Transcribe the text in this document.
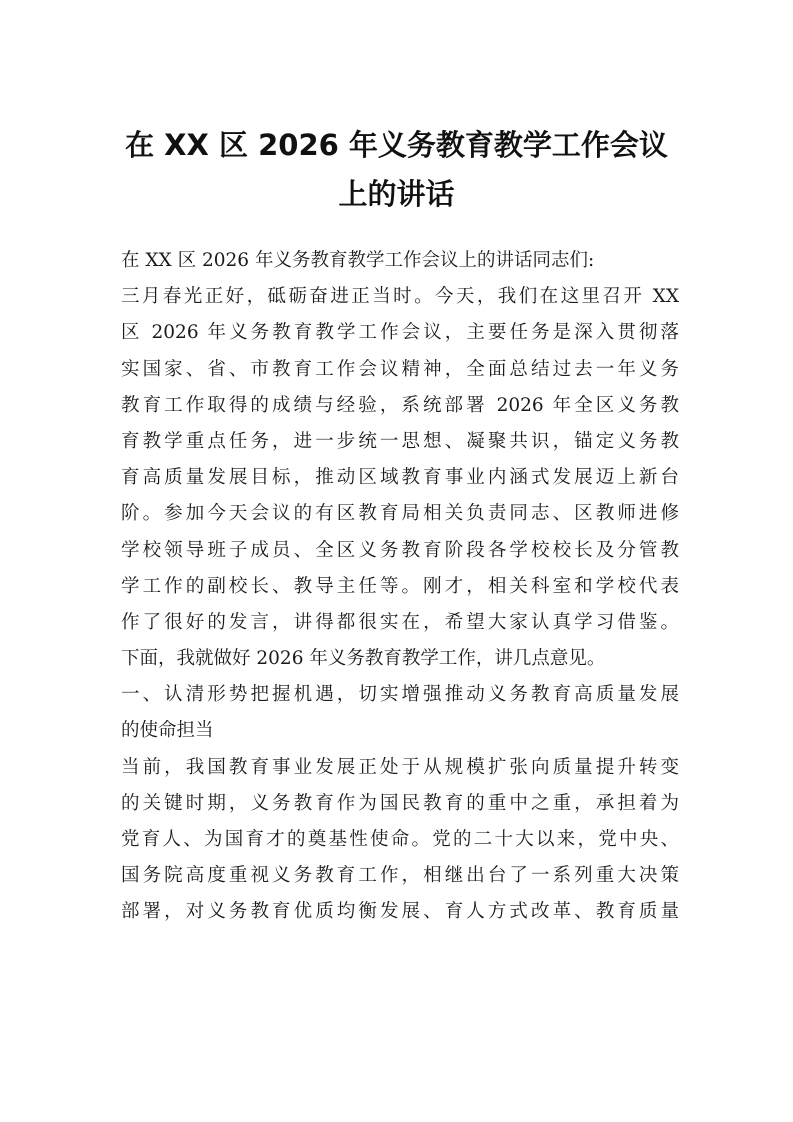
在 XX 区 2026 年义务教育教学工作会议
上的讲话
在 XX 区 2026 年义务教育教学工作会议上的讲话同志们:
三月春光正好，砥砺奋进正当时。今天，我们在这里召开 XX
区 2026 年义务教育教学工作会议，主要任务是深入贯彻落
实国家、省、市教育工作会议精神，全面总结过去一年义务
教育工作取得的成绩与经验，系统部署 2026 年全区义务教
育教学重点任务，进一步统一思想、凝聚共识，锚定义务教
育高质量发展目标，推动区域教育事业内涵式发展迈上新台
阶。参加今天会议的有区教育局相关负责同志、区教师进修
学校领导班子成员、全区义务教育阶段各学校校长及分管教
学工作的副校长、教导主任等。刚才，相关科室和学校代表
作了很好的发言，讲得都很实在，希望大家认真学习借鉴。
下面，我就做好 2026 年义务教育教学工作，讲几点意见。
一、认清形势把握机遇，切实增强推动义务教育高质量发展
的使命担当
当前，我国教育事业发展正处于从规模扩张向质量提升转变
的关键时期，义务教育作为国民教育的重中之重，承担着为
党育人、为国育才的奠基性使命。党的二十大以来，党中央、
国务院高度重视义务教育工作，相继出台了一系列重大决策
部署，对义务教育优质均衡发展、育人方式改革、教育质量
